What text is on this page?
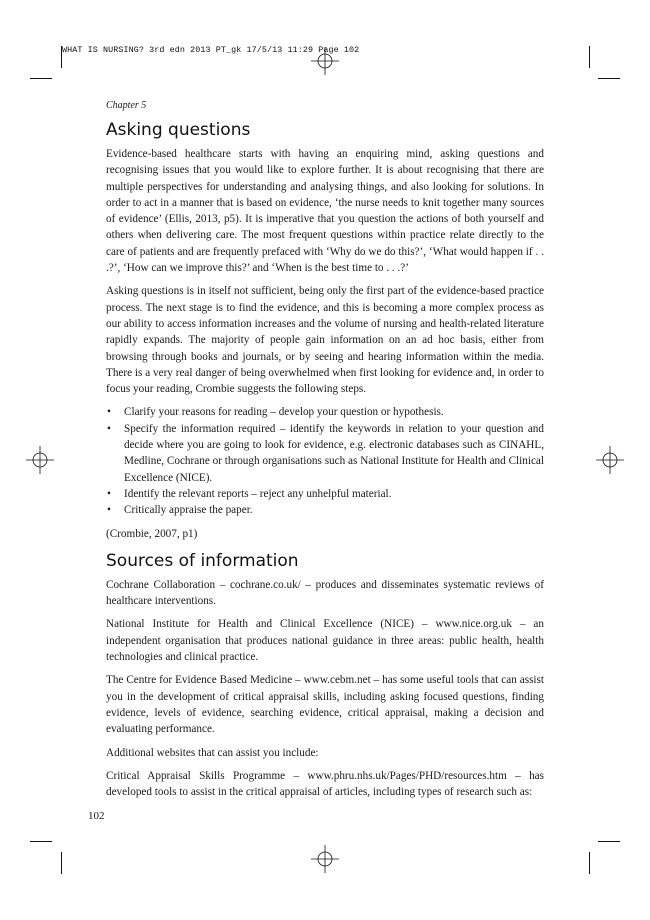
WHAT IS NURSING? 3rd edn 2013 PT_gk 17/5/13 11:29 Page 102
Chapter 5
Asking questions

Evidence-based healthcare starts with having an enquiring mind, asking questions and recognising issues that you would like to explore further. It is about recognising that there are multiple perspectives for understanding and analysing things, and also looking for solutions. In order to act in a manner that is based on evidence, ‘the nurse needs to knit together many sources of evidence’ (Ellis, 2013, p5). It is imperative that you question the actions of both yourself and others when delivering care. The most frequent questions within practice relate directly to the care of patients and are frequently prefaced with ‘Why do we do this?’, ‘What would happen if . . .?’, ‘How can we improve this?’ and ‘When is the best time to . . .?’

Asking questions is in itself not sufficient, being only the first part of the evidence-based practice process. The next stage is to find the evidence, and this is becoming a more complex process as our ability to access information increases and the volume of nursing and health-related literature rapidly expands. The majority of people gain information on an ad hoc basis, either from browsing through books and journals, or by seeing and hearing information within the media. There is a very real danger of being overwhelmed when first looking for evidence and, in order to focus your reading, Crombie suggests the following steps.

• Clarify your reasons for reading – develop your question or hypothesis.
• Specify the information required – identify the keywords in relation to your question and decide where you are going to look for evidence, e.g. electronic databases such as CINAHL, Medline, Cochrane or through organisations such as National Institute for Health and Clinical Excellence (NICE).
• Identify the relevant reports – reject any unhelpful material.
• Critically appraise the paper.

(Crombie, 2007, p1)

Sources of information

Cochrane Collaboration – cochrane.co.uk/ – produces and disseminates systematic reviews of healthcare interventions.

National Institute for Health and Clinical Excellence (NICE) – www.nice.org.uk – an independent organisation that produces national guidance in three areas: public health, health technologies and clinical practice.

The Centre for Evidence Based Medicine – www.cebm.net – has some useful tools that can assist you in the development of critical appraisal skills, including asking focused questions, finding evidence, levels of evidence, searching evidence, critical appraisal, making a decision and evaluating performance.

Additional websites that can assist you include:

Critical Appraisal Skills Programme – www.phru.nhs.uk/Pages/PHD/resources.htm – has developed tools to assist in the critical appraisal of articles, including types of research such as:

102
